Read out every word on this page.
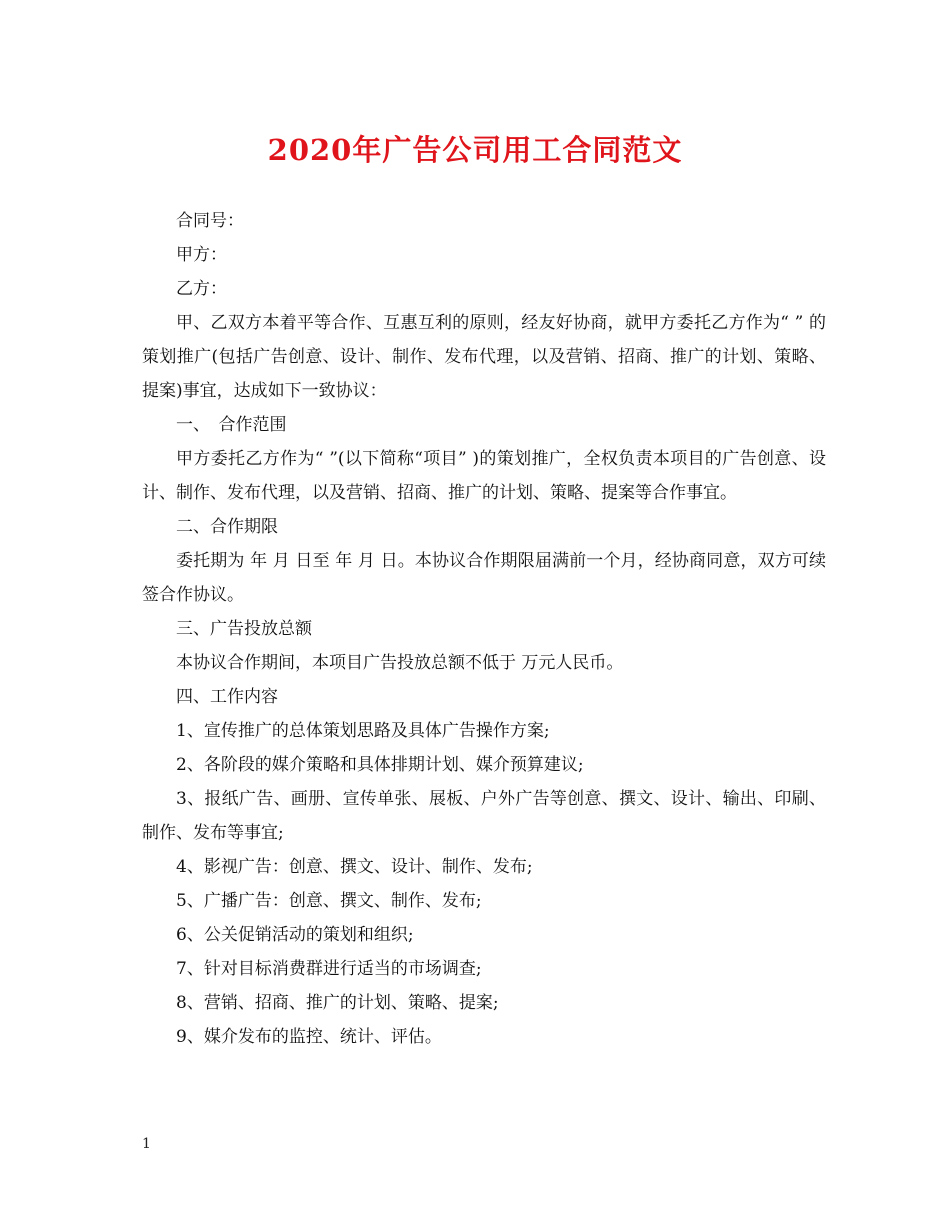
2020年广告公司用工合同范文

合同号：

甲方：

乙方：

甲、乙双方本着平等合作、互惠互利的原则，经友好协商，就甲方委托乙方作为“ ” 的策划推广(包括广告创意、设计、制作、发布代理，以及营销、招商、推广的计划、策略、提案)事宜，达成如下一致协议：

一、　合作范围

甲方委托乙方作为“ ”(以下简称“项目” )的策划推广，全权负责本项目的广告创意、设计、制作、发布代理，以及营销、招商、推广的计划、策略、提案等合作事宜。

二、合作期限

委托期为 年 月 日至 年 月 日。本协议合作期限届满前一个月，经协商同意，双方可续签合作协议。

三、广告投放总额

本协议合作期间，本项目广告投放总额不低于 万元人民币。

四、工作内容

1、宣传推广的总体策划思路及具体广告操作方案;

2、各阶段的媒介策略和具体排期计划、媒介预算建议;

3、报纸广告、画册、宣传单张、展板、户外广告等创意、撰文、设计、输出、印刷、制作、发布等事宜;

4、影视广告：创意、撰文、设计、制作、发布;

5、广播广告：创意、撰文、制作、发布;

6、公关促销活动的策划和组织;

7、针对目标消费群进行适当的市场调查;

8、营销、招商、推广的计划、策略、提案;

9、媒介发布的监控、统计、评估。

1
